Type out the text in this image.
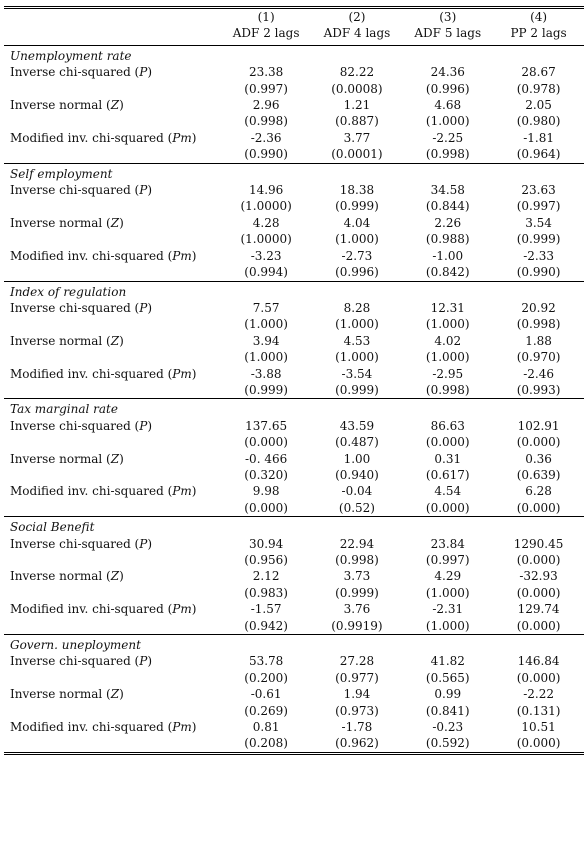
	(1)	(2)	(3)	(4)
	ADF 2 lags	ADF 4 lags	ADF 5 lags	PP 2 lags

Unemployment rate				
Inverse chi-squared (P)	23.38	82.22	24.36	28.67
	(0.997)	(0.0008)	(0.996)	(0.978)
Inverse normal (Z)	2.96	1.21	4.68	2.05
	(0.998)	(0.887)	(1.000)	(0.980)
Modified inv. chi-squared (Pm)	-2.36	3.77	-2.25	-1.81
	(0.990)	(0.0001)	(0.998)	(0.964)
Self employment				
Inverse chi-squared (P)	14.96	18.38	34.58	23.63
	(1.0000)	(0.999)	(0.844)	(0.997)
Inverse normal (Z)	4.28	4.04	2.26	3.54
	(1.0000)	(1.000)	(0.988)	(0.999)
Modified inv. chi-squared (Pm)	-3.23	-2.73	-1.00	-2.33
	(0.994)	(0.996)	(0.842)	(0.990)
Index of regulation				
Inverse chi-squared (P)	7.57	8.28	12.31	20.92
	(1.000)	(1.000)	(1.000)	(0.998)
Inverse normal (Z)	3.94	4.53	4.02	1.88
	(1.000)	(1.000)	(1.000)	(0.970)
Modified inv. chi-squared (Pm)	-3.88	-3.54	-2.95	-2.46
	(0.999)	(0.999)	(0.998)	(0.993)
Tax marginal rate				
Inverse chi-squared (P)	137.65	43.59	86.63	102.91
	(0.000)	(0.487)	(0.000)	(0.000)
Inverse normal (Z)	-0. 466	1.00	0.31	0.36
	(0.320)	(0.940)	(0.617)	(0.639)
Modified inv. chi-squared (Pm)	9.98	-0.04	4.54	6.28
	(0.000)	(0.52)	(0.000)	(0.000)
Social Benefit				
Inverse chi-squared (P)	30.94	22.94	23.84	1290.45
	(0.956)	(0.998)	(0.997)	(0.000)
Inverse normal (Z)	2.12	3.73	4.29	-32.93
	(0.983)	(0.999)	(1.000)	(0.000)
Modified inv. chi-squared (Pm)	-1.57	3.76	-2.31	129.74
	(0.942)	(0.9919)	(1.000)	(0.000)
Govern. uneployment				
Inverse chi-squared (P)	53.78	27.28	41.82	146.84
	(0.200)	(0.977)	(0.565)	(0.000)
Inverse normal (Z)	-0.61	1.94	0.99	-2.22
	(0.269)	(0.973)	(0.841)	(0.131)
Modified inv. chi-squared (Pm)	0.81	-1.78	-0.23	10.51
	(0.208)	(0.962)	(0.592)	(0.000)
